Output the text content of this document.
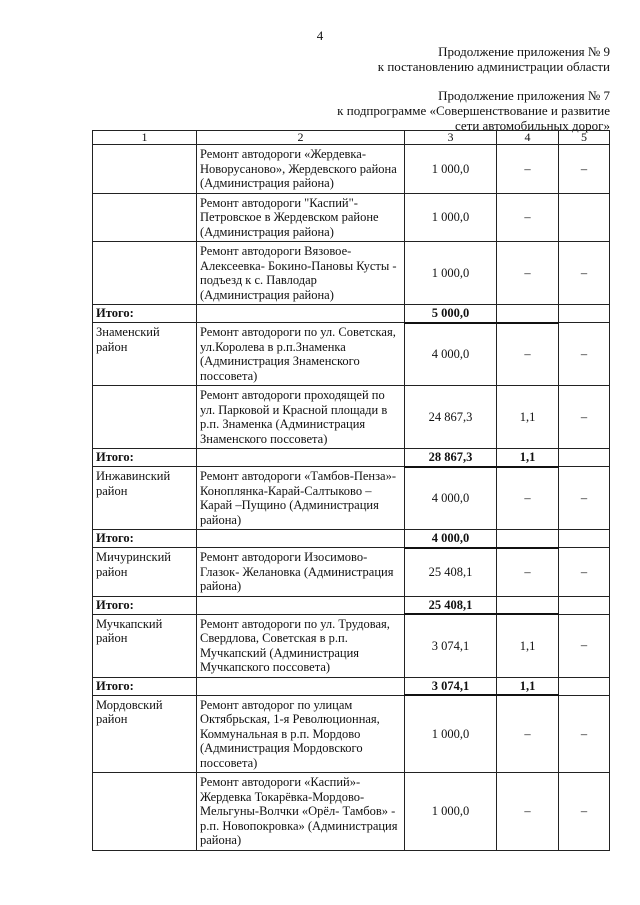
4
Продолжение приложения № 9
к постановлению администрации области
Продолжение приложения № 7
к подпрограмме «Совершенствование и развитие
сети автомобильных дорог»
1	2	3	4	5
	Ремонт автодороги «Жердевка-Новорусаново», Жердевского района (Администрация района)	1 000,0	–	–
	Ремонт автодороги "Каспий"-Петровское в Жердевском районе (Администрация района)	1 000,0	–	
	Ремонт автодороги Вязовое-Алексеевка- Бокино-Пановы Кусты - подъезд к с. Павлодар (Администрация района)	1 000,0	–	–
Итого:		5 000,0		
Знаменский район	Ремонт автодороги по ул. Советская, ул.Королева в р.п.Знаменка (Администрация Знаменского поссовета)	4 000,0	–	–
	Ремонт автодороги проходящей по ул. Парковой и Красной площади в р.п. Знаменка (Администрация Знаменского поссовета)	24 867,3	1,1	–
Итого:		28 867,3	1,1	
Инжавинский район	Ремонт автодороги «Тамбов-Пенза»- Коноплянка-Карай-Салтыково – Карай –Пущино (Администрация района)	4 000,0	–	–
Итого:		4 000,0		
Мичуринский район	Ремонт автодороги Изосимово-Глазок- Желановка (Администрация района)	25 408,1	–	–
Итого:		25 408,1		
Мучкапский район	Ремонт автодороги по ул. Трудовая, Свердлова, Советская в р.п. Мучкапский (Администрация Мучкапского поссовета)	3 074,1	1,1	–
Итого:		3 074,1	1,1	
Мордовский район	Ремонт автодорог по улицам Октябрьская, 1-я Революционная, Коммунальная в р.п. Мордово (Администрация Мордовского поссовета)	1 000,0	–	–
	Ремонт автодороги «Каспий»-Жердевка Токарёвка-Мордово-Мельгуны-Волчки «Орёл- Тамбов» - р.п. Новопокровка» (Администрация района)	1 000,0	–	–
